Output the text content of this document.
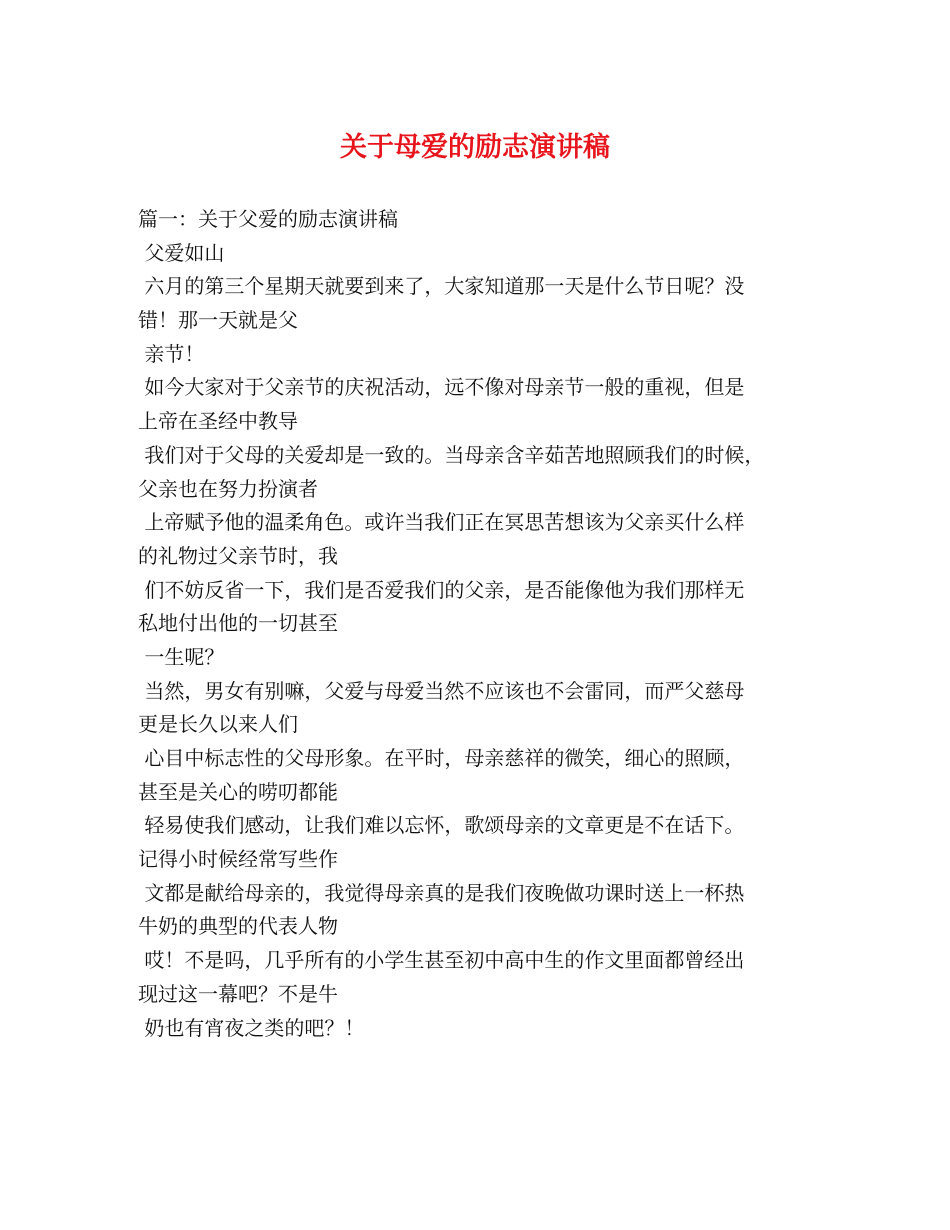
关于母爱的励志演讲稿
篇一：关于父爱的励志演讲稿
父爱如山
六月的第三个星期天就要到来了，大家知道那一天是什么节日呢？没
错！那一天就是父
亲节！
如今大家对于父亲节的庆祝活动，远不像对母亲节一般的重视，但是
上帝在圣经中教导
我们对于父母的关爱却是一致的。当母亲含辛茹苦地照顾我们的时候，
父亲也在努力扮演者
上帝赋予他的温柔角色。或许当我们正在冥思苦想该为父亲买什么样
的礼物过父亲节时，我
们不妨反省一下，我们是否爱我们的父亲，是否能像他为我们那样无
私地付出他的一切甚至
一生呢？
当然，男女有别嘛，父爱与母爱当然不应该也不会雷同，而严父慈母
更是长久以来人们
心目中标志性的父母形象。在平时，母亲慈祥的微笑，细心的照顾，
甚至是关心的唠叨都能
轻易使我们感动，让我们难以忘怀，歌颂母亲的文章更是不在话下。
记得小时候经常写些作
文都是献给母亲的，我觉得母亲真的是我们夜晚做功课时送上一杯热
牛奶的典型的代表人物
哎！不是吗，几乎所有的小学生甚至初中高中生的作文里面都曾经出
现过这一幕吧？不是牛
奶也有宵夜之类的吧？！
